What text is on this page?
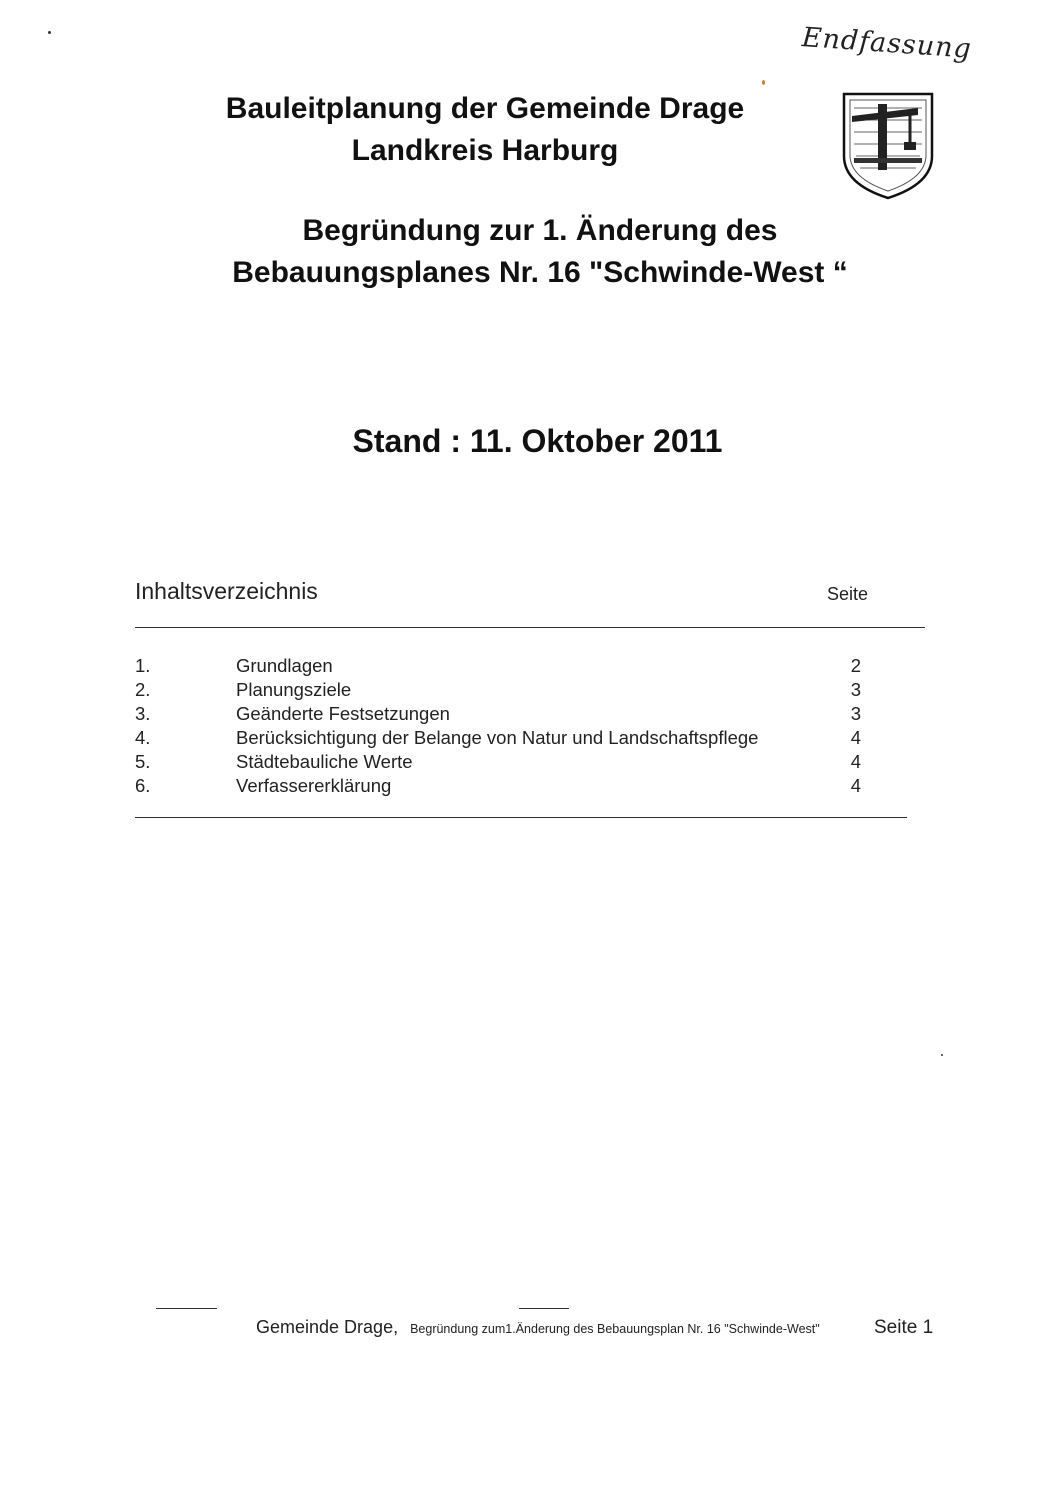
Endfassung
Bauleitplanung der Gemeinde Drage
Landkreis Harburg
Begründung zur 1. Änderung des
Bebauungsplanes Nr. 16 "Schwinde-West “
Stand : 11. Oktober 2011
Inhaltsverzeichnis	Seite
1.	Grundlagen	2
2.	Planungsziele	3
3.	Geänderte Festsetzungen	3
4.	Berücksichtigung der Belange von Natur und Landschaftspflege	4
5.	Städtebauliche Werte	4
6.	Verfassererklärung	4
Gemeinde Drage, Begründung zum1.Änderung des Bebauungsplan Nr. 16 "Schwinde-West"	Seite 1
